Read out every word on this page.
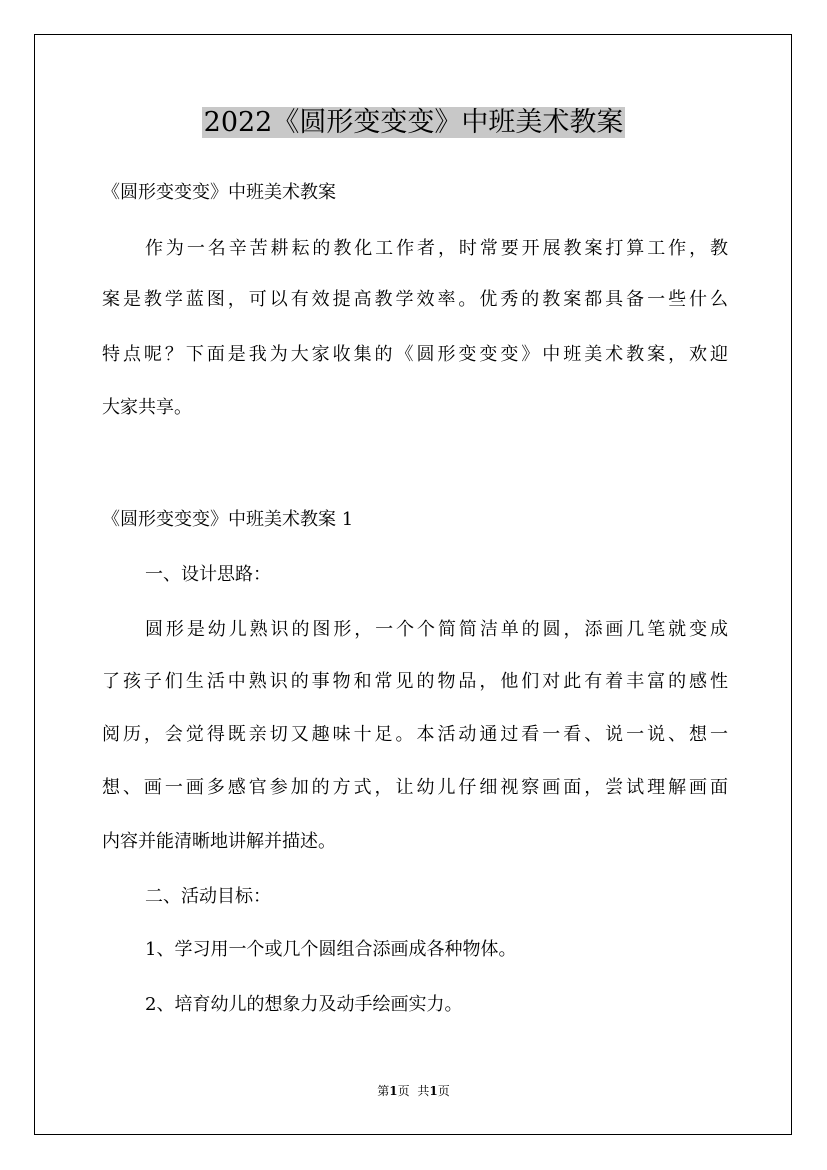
2022《圆形变变变》中班美术教案
《圆形变变变》中班美术教案
作为一名辛苦耕耘的教化工作者，时常要开展教案打算工作，教
案是教学蓝图，可以有效提高教学效率。优秀的教案都具备一些什么
特点呢？下面是我为大家收集的《圆形变变变》中班美术教案，欢迎
大家共享。
《圆形变变变》中班美术教案 1
一、设计思路：
圆形是幼儿熟识的图形，一个个简简洁单的圆，添画几笔就变成
了孩子们生活中熟识的事物和常见的物品，他们对此有着丰富的感性
阅历，会觉得既亲切又趣味十足。本活动通过看一看、说一说、想一
想、画一画多感官参加的方式，让幼儿仔细视察画面，尝试理解画面
内容并能清晰地讲解并描述。
二、活动目标：
1、学习用一个或几个圆组合添画成各种物体。
2、培育幼儿的想象力及动手绘画实力。
第1页 共1页
